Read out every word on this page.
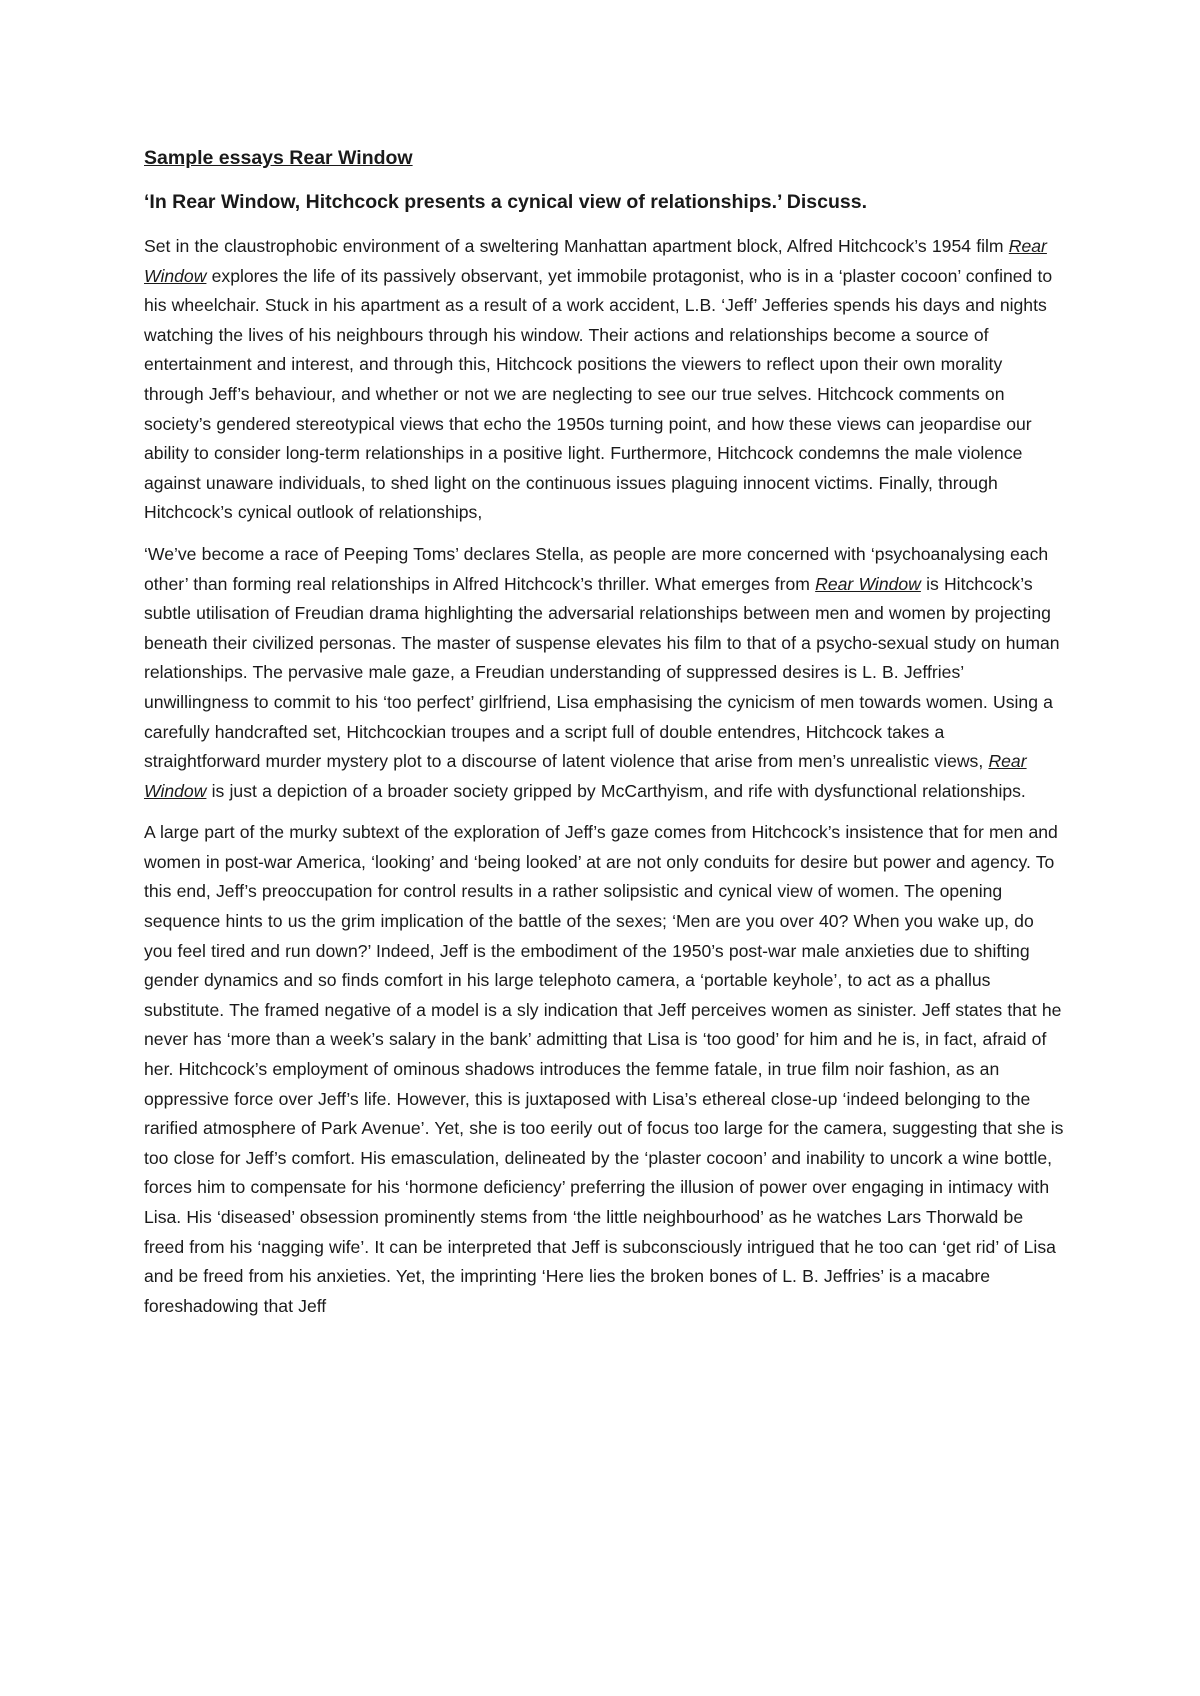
Sample essays Rear Window
‘In Rear Window, Hitchcock presents a cynical view of relationships.’ Discuss.

Set in the claustrophobic environment of a sweltering Manhattan apartment block, Alfred Hitchcock’s 1954 film Rear Window explores the life of its passively observant, yet immobile protagonist, who is in a ‘plaster cocoon’ confined to his wheelchair. Stuck in his apartment as a result of a work accident, L.B. ‘Jeff’ Jefferies spends his days and nights watching the lives of his neighbours through his window. Their actions and relationships become a source of entertainment and interest, and through this, Hitchcock positions the viewers to reflect upon their own morality through Jeff’s behaviour, and whether or not we are neglecting to see our true selves. Hitchcock comments on society’s gendered stereotypical views that echo the 1950s turning point, and how these views can jeopardise our ability to consider long-term relationships in a positive light. Furthermore, Hitchcock condemns the male violence against unaware individuals, to shed light on the continuous issues plaguing innocent victims. Finally, through Hitchcock’s cynical outlook of relationships,

‘We’ve become a race of Peeping Toms’ declares Stella, as people are more concerned with ‘psychoanalysing each other’ than forming real relationships in Alfred Hitchcock’s thriller. What emerges from Rear Window is Hitchcock’s subtle utilisation of Freudian drama highlighting the adversarial relationships between men and women by projecting beneath their civilized personas. The master of suspense elevates his film to that of a psycho-sexual study on human relationships. The pervasive male gaze, a Freudian understanding of suppressed desires is L. B. Jeffries’ unwillingness to commit to his ‘too perfect’ girlfriend, Lisa emphasising the cynicism of men towards women. Using a carefully handcrafted set, Hitchcockian troupes and a script full of double entendres, Hitchcock takes a straightforward murder mystery plot to a discourse of latent violence that arise from men’s unrealistic views, Rear Window is just a depiction of a broader society gripped by McCarthyism, and rife with dysfunctional relationships.

A large part of the murky subtext of the exploration of Jeff’s gaze comes from Hitchcock’s insistence that for men and women in post-war America, ‘looking’ and ‘being looked’ at are not only conduits for desire but power and agency. To this end, Jeff’s preoccupation for control results in a rather solipsistic and cynical view of women. The opening sequence hints to us the grim implication of the battle of the sexes; ‘Men are you over 40? When you wake up, do you feel tired and run down?’ Indeed, Jeff is the embodiment of the 1950’s post-war male anxieties due to shifting gender dynamics and so finds comfort in his large telephoto camera, a ‘portable keyhole’, to act as a phallus substitute. The framed negative of a model is a sly indication that Jeff perceives women as sinister. Jeff states that he never has ‘more than a week’s salary in the bank’ admitting that Lisa is ‘too good’ for him and he is, in fact, afraid of her. Hitchcock’s employment of ominous shadows introduces the femme fatale, in true film noir fashion, as an oppressive force over Jeff’s life. However, this is juxtaposed with Lisa’s ethereal close-up ‘indeed belonging to the rarified atmosphere of Park Avenue’. Yet, she is too eerily out of focus too large for the camera, suggesting that she is too close for Jeff’s comfort. His emasculation, delineated by the ‘plaster cocoon’ and inability to uncork a wine bottle, forces him to compensate for his ‘hormone deficiency’ preferring the illusion of power over engaging in intimacy with Lisa. His ‘diseased’ obsession prominently stems from ‘the little neighbourhood’ as he watches Lars Thorwald be freed from his ‘nagging wife’. It can be interpreted that Jeff is subconsciously intrigued that he too can ‘get rid’ of Lisa and be freed from his anxieties. Yet, the imprinting ‘Here lies the broken bones of L. B. Jeffries’ is a macabre foreshadowing that Jeff
